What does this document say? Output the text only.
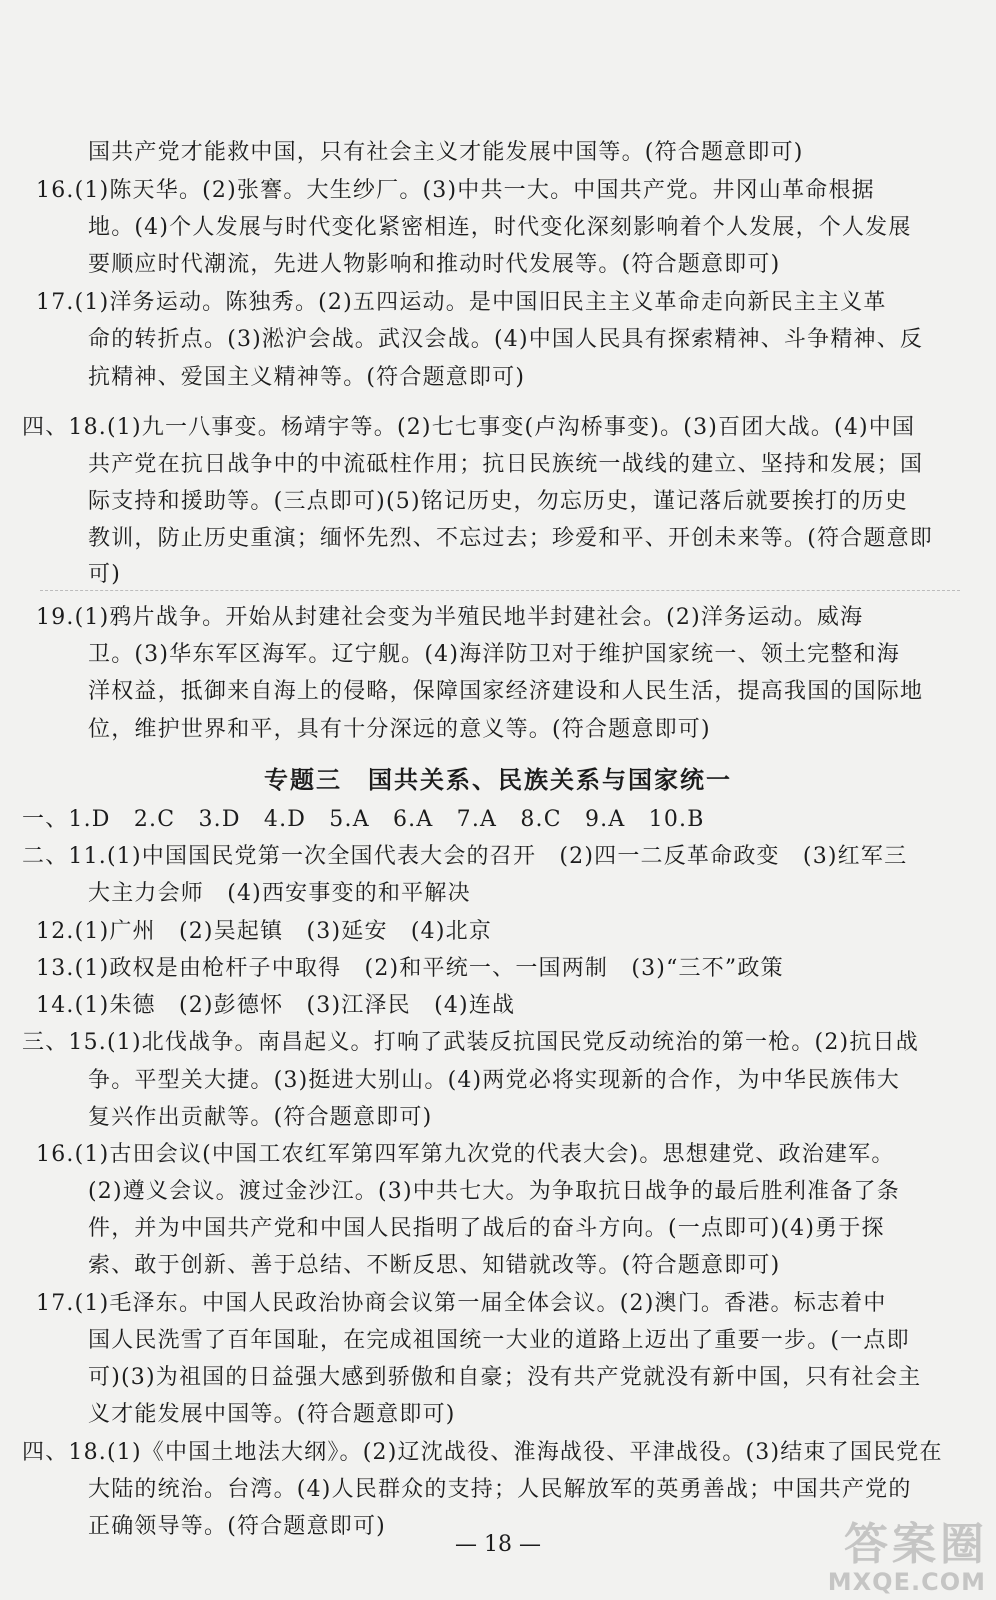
国共产党才能救中国，只有社会主义才能发展中国等。(符合题意即可)
16.(1)陈天华。(2)张謇。大生纱厂。(3)中共一大。中国共产党。井冈山革命根据
地。(4)个人发展与时代变化紧密相连，时代变化深刻影响着个人发展，个人发展
要顺应时代潮流，先进人物影响和推动时代发展等。(符合题意即可)
17.(1)洋务运动。陈独秀。(2)五四运动。是中国旧民主主义革命走向新民主主义革
命的转折点。(3)淞沪会战。武汉会战。(4)中国人民具有探索精神、斗争精神、反
抗精神、爱国主义精神等。(符合题意即可)
四、18.(1)九一八事变。杨靖宇等。(2)七七事变(卢沟桥事变)。(3)百团大战。(4)中国
共产党在抗日战争中的中流砥柱作用；抗日民族统一战线的建立、坚持和发展；国
际支持和援助等。(三点即可)(5)铭记历史，勿忘历史，谨记落后就要挨打的历史
教训，防止历史重演；缅怀先烈、不忘过去；珍爱和平、开创未来等。(符合题意即
可)
19.(1)鸦片战争。开始从封建社会变为半殖民地半封建社会。(2)洋务运动。威海
卫。(3)华东军区海军。辽宁舰。(4)海洋防卫对于维护国家统一、领土完整和海
洋权益，抵御来自海上的侵略，保障国家经济建设和人民生活，提高我国的国际地
位，维护世界和平，具有十分深远的意义等。(符合题意即可)
专题三　国共关系、民族关系与国家统一
一、1.D　2.C　3.D　4.D　5.A　6.A　7.A　8.C　9.A　10.B
二、11.(1)中国国民党第一次全国代表大会的召开　(2)四一二反革命政变　(3)红军三
大主力会师　(4)西安事变的和平解决
12.(1)广州　(2)吴起镇　(3)延安　(4)北京
13.(1)政权是由枪杆子中取得　(2)和平统一、一国两制　(3)“三不”政策
14.(1)朱德　(2)彭德怀　(3)江泽民　(4)连战
三、15.(1)北伐战争。南昌起义。打响了武装反抗国民党反动统治的第一枪。(2)抗日战
争。平型关大捷。(3)挺进大别山。(4)两党必将实现新的合作，为中华民族伟大
复兴作出贡献等。(符合题意即可)
16.(1)古田会议(中国工农红军第四军第九次党的代表大会)。思想建党、政治建军。
(2)遵义会议。渡过金沙江。(3)中共七大。为争取抗日战争的最后胜利准备了条
件，并为中国共产党和中国人民指明了战后的奋斗方向。(一点即可)(4)勇于探
索、敢于创新、善于总结、不断反思、知错就改等。(符合题意即可)
17.(1)毛泽东。中国人民政治协商会议第一届全体会议。(2)澳门。香港。标志着中
国人民洗雪了百年国耻，在完成祖国统一大业的道路上迈出了重要一步。(一点即
可)(3)为祖国的日益强大感到骄傲和自豪；没有共产党就没有新中国，只有社会主
义才能发展中国等。(符合题意即可)
四、18.(1)《中国土地法大纲》。(2)辽沈战役、淮海战役、平津战役。(3)结束了国民党在
大陆的统治。台湾。(4)人民群众的支持；人民解放军的英勇善战；中国共产党的
正确领导等。(符合题意即可)
— 18 —	答案圈
MXQE.COM
